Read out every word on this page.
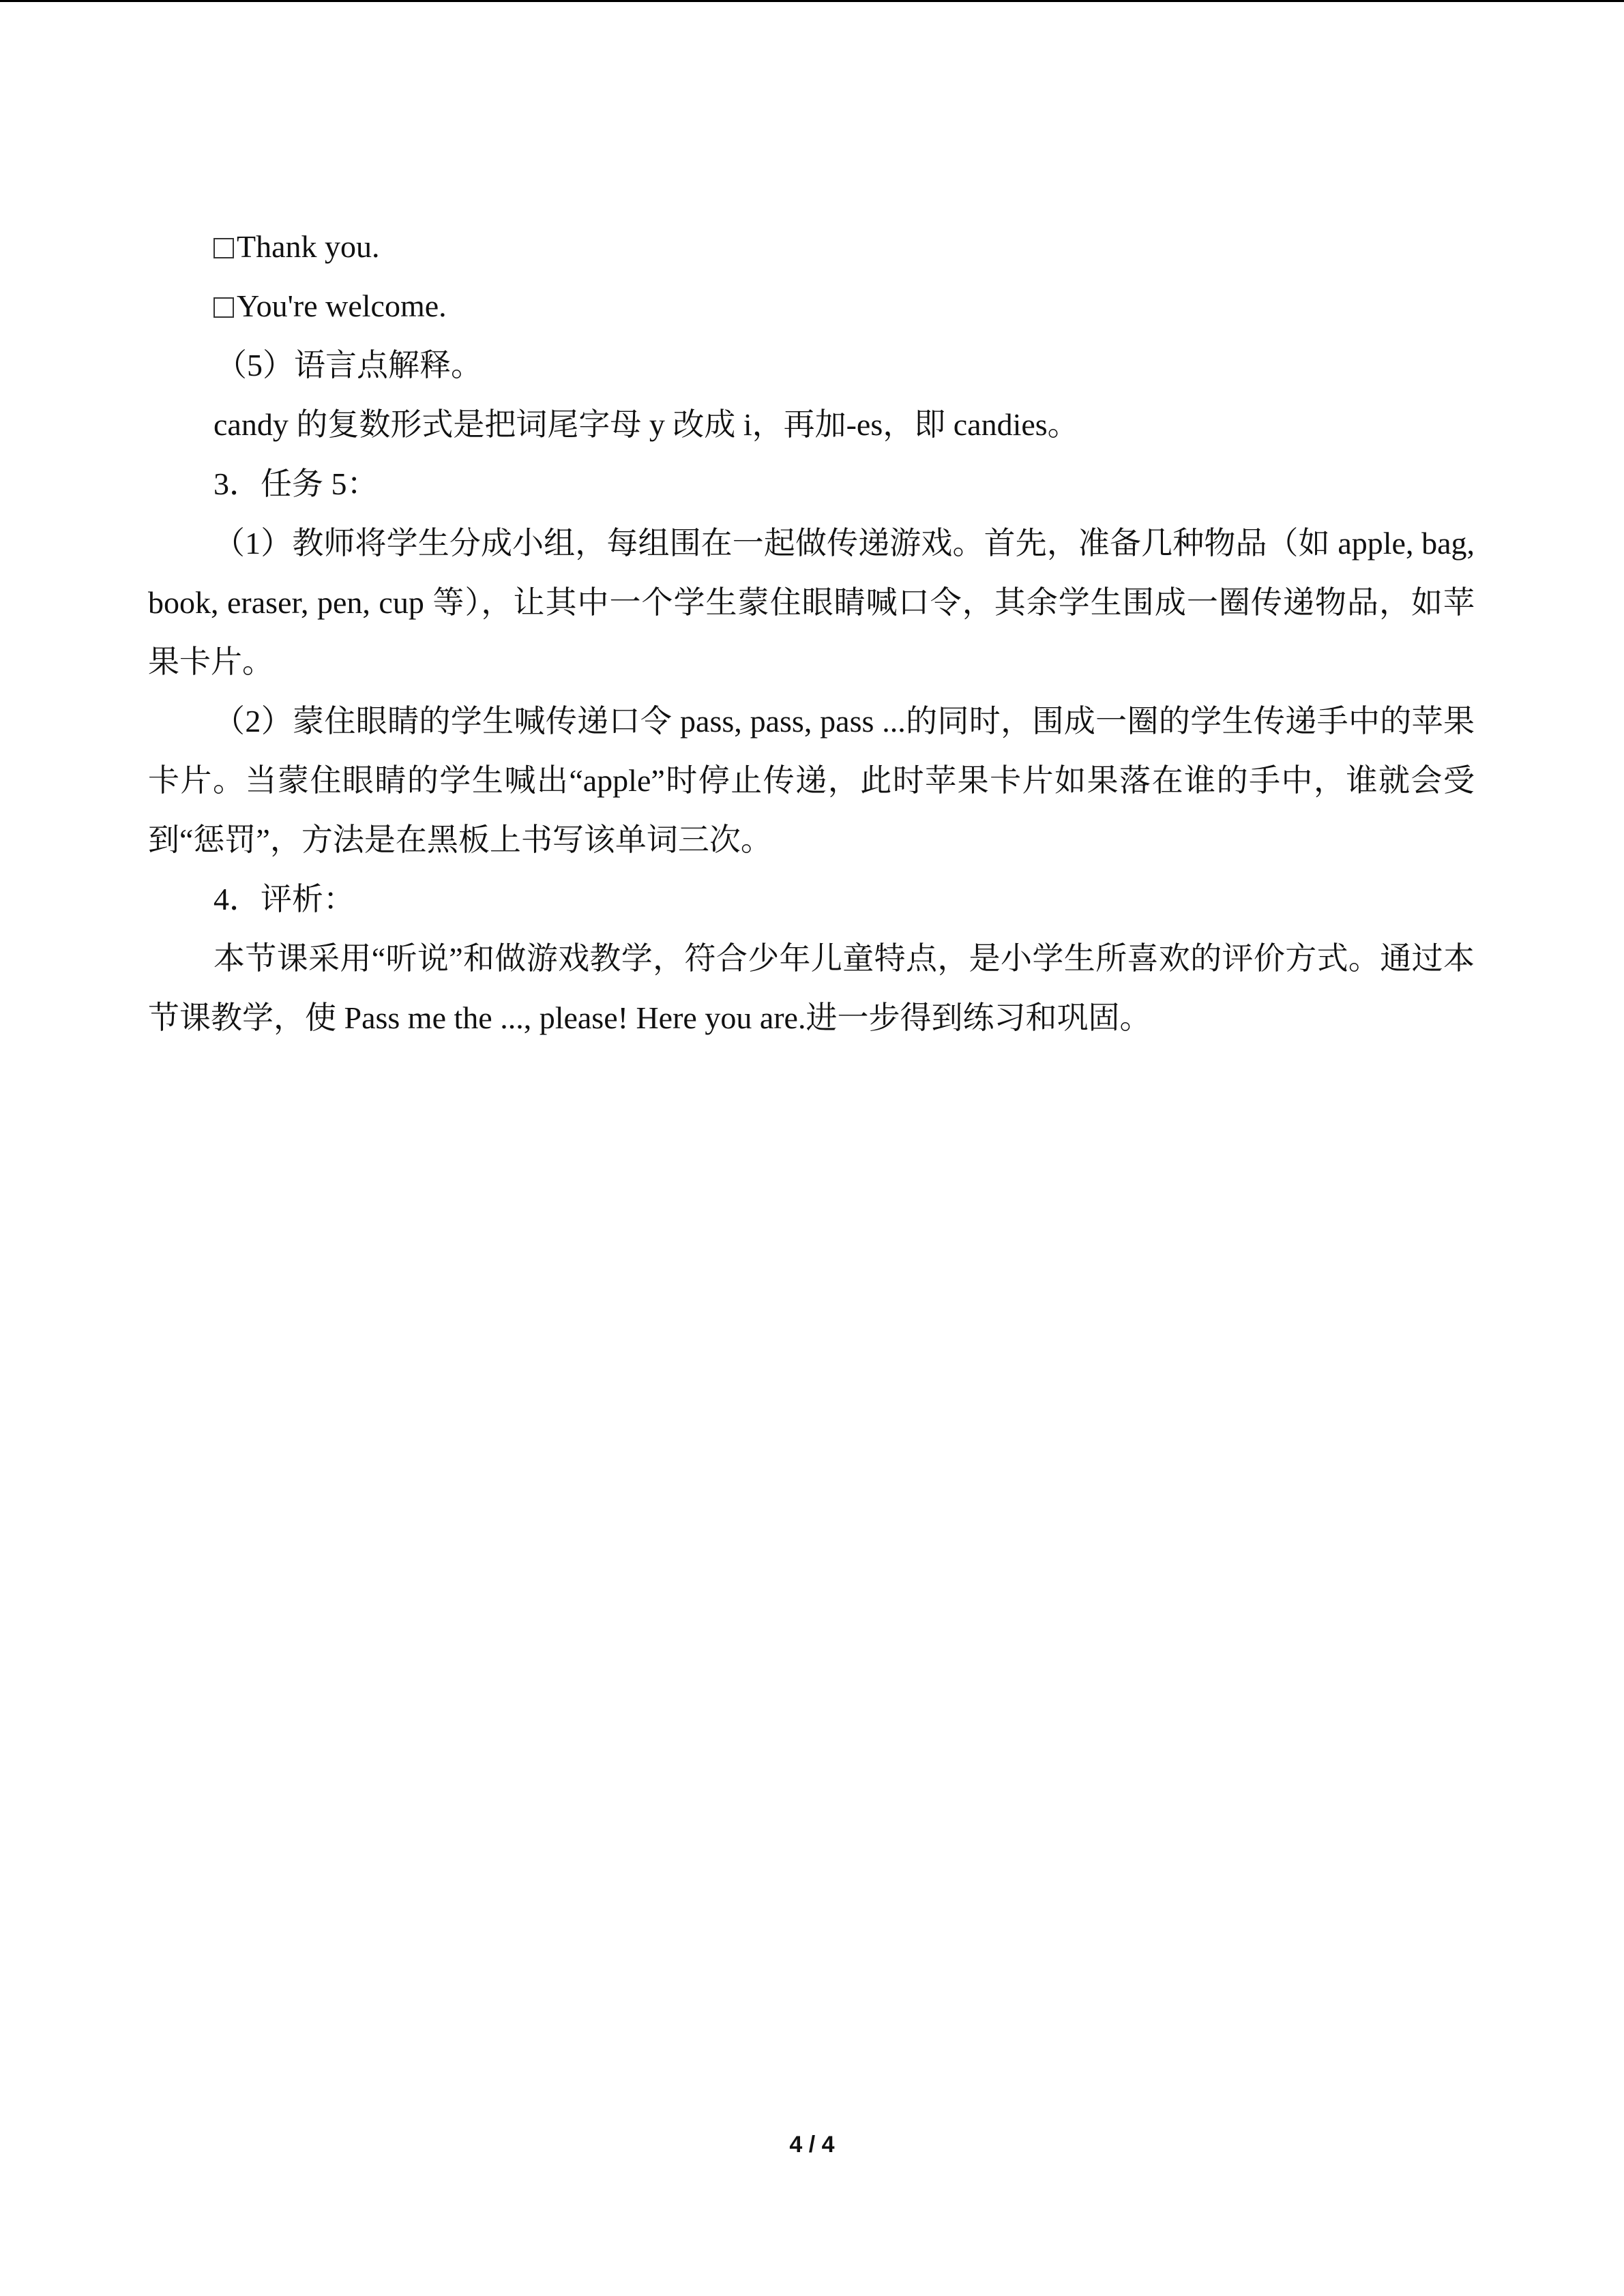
Thank you.
You're welcome.
（5）语言点解释。
candy 的复数形式是把词尾字母 y 改成 i，再加-es，即 candies。
3．任务 5：
（1）教师将学生分成小组，每组围在一起做传递游戏。首先，准备几种物品（如 apple, bag, book, eraser, pen, cup 等），让其中一个学生蒙住眼睛喊口令，其余学生围成一圈传递物品，如苹果卡片。
（2）蒙住眼睛的学生喊传递口令 pass, pass, pass ...的同时，围成一圈的学生传递手中的苹果卡片。当蒙住眼睛的学生喊出“apple”时停止传递，此时苹果卡片如果落在谁的手中，谁就会受到“惩罚”，方法是在黑板上书写该单词三次。
4．评析：
本节课采用“听说”和做游戏教学，符合少年儿童特点，是小学生所喜欢的评价方式。通过本节课教学，使 Pass me the ..., please! Here you are.进一步得到练习和巩固。
4 / 4
